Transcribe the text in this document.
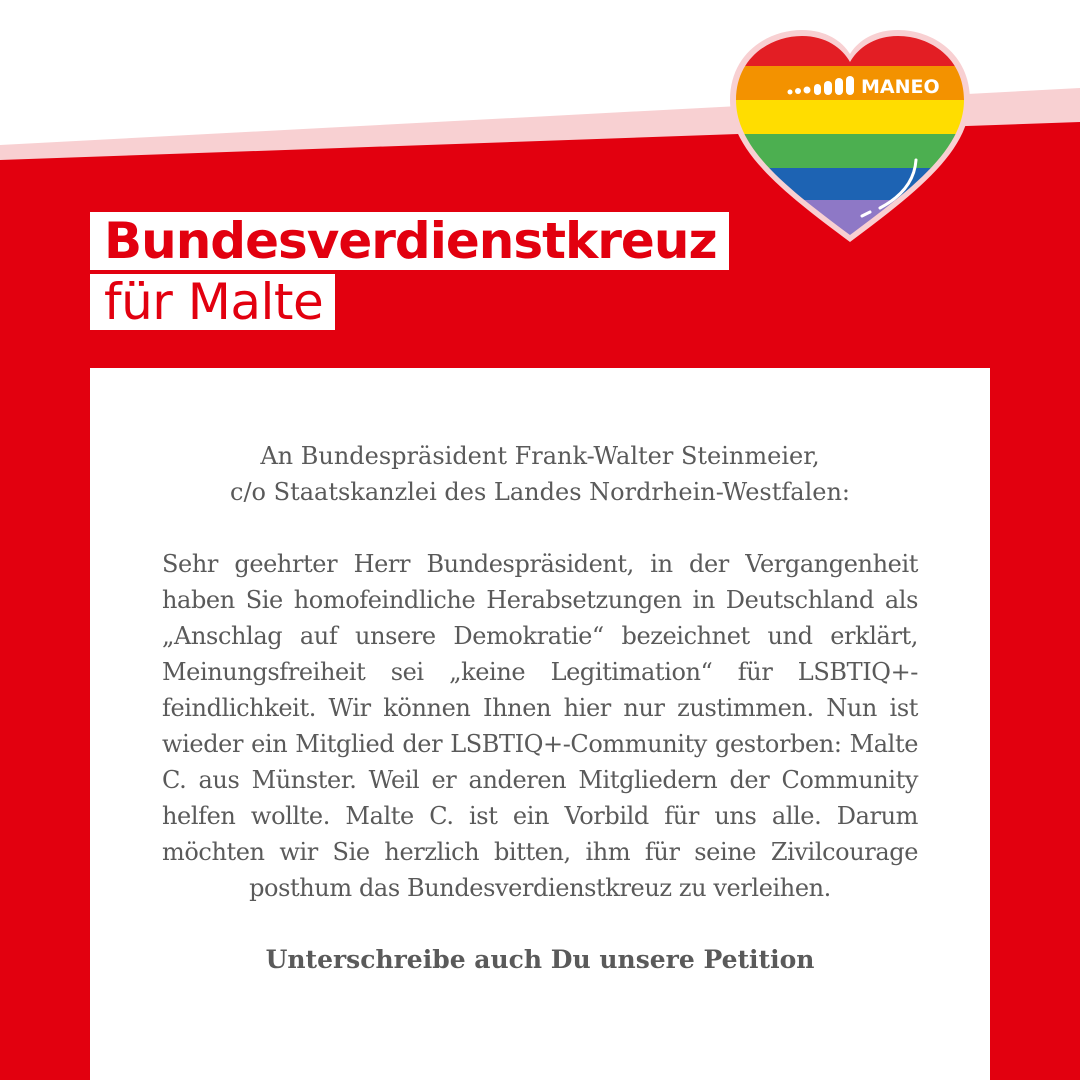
MANEO
Bundesverdienstkreuz
für Malte

An Bundespräsident Frank-Walter Steinmeier,

c/o Staatskanzlei des Landes Nordrhein-Westfalen:

Sehr geehrter Herr Bundespräsident, in der Vergangenheit haben Sie homofeindliche Herabsetzungen in Deutschland als „Anschlag auf unsere Demokratie“ bezeichnet und erklärt, Meinungsfreiheit sei „keine Legitimation“ für LSBTIQ+-feindlichkeit. Wir können Ihnen hier nur zustimmen. Nun ist wieder ein Mitglied der LSBTIQ+-Community gestorben: Malte C. aus Münster. Weil er anderen Mitgliedern der Community helfen wollte. Malte C. ist ein Vorbild für uns alle. Darum möchten wir Sie herzlich bitten, ihm für seine Zivilcourage posthum das Bundesverdienstkreuz zu verleihen.

Unterschreibe auch Du unsere Petition
